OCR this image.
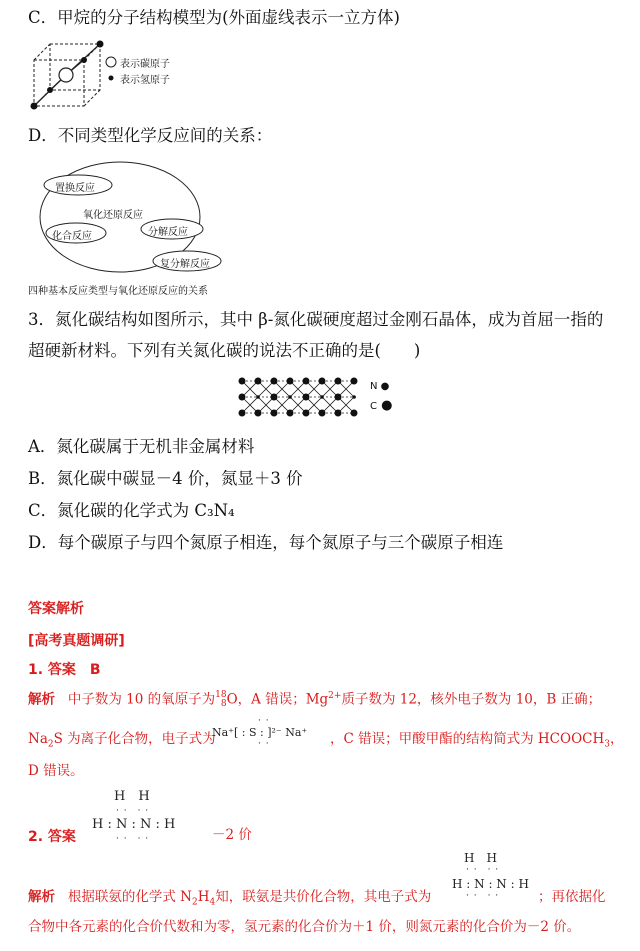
C．甲烷的分子结构模型为(外面虚线表示一立方体)
表示碳原子
表示氢原子
D．不同类型化学反应间的关系：
置换反应
氧化还原反应
化合反应	分解反应
复分解反应
四种基本反应类型与氧化还原反应的关系
3．氮化碳结构如图所示，其中 β-氮化碳硬度超过金刚石晶体，成为首屈一指的
超硬新材料。下列有关氮化碳的说法不正确的是(　　)
N ●
C ●
A．氮化碳属于无机非金属材料
B．氮化碳中碳显－4 价，氮显＋3 价
C．氮化碳的化学式为 C₃N₄
D．每个碳原子与四个氮原子相连，每个氮原子与三个碳原子相连
答案解析
[高考真题调研]
1. 答案　B
解析 中子数为 10 的氧原子为 18
8 O，A 错误；$Mg^{2+}$质子数为 12，核外电子数为 10，B 正确；
$Na_2S$ 为离子化合物，电子式为
· ·
Na⁺[ : S : ]²⁻ Na⁺
· ·	，C 错误；甲酸甲酯的结构简式为 $HCOOCH_3$，
D 错误。
H　H
· ·　· ·
H : N : N : H
· ·　· ·
2. 答案	－2 价
解析 根据联氨的化学式 $N_2H_4$知，联氨是共价化合物，其电子式为
H　H
· ·　· ·
H : N : N : H
· ·　· ·	；再依据化
合物中各元素的化合价代数和为零，氢元素的化合价为＋1 价，则氮元素的化合价为－2 价。
